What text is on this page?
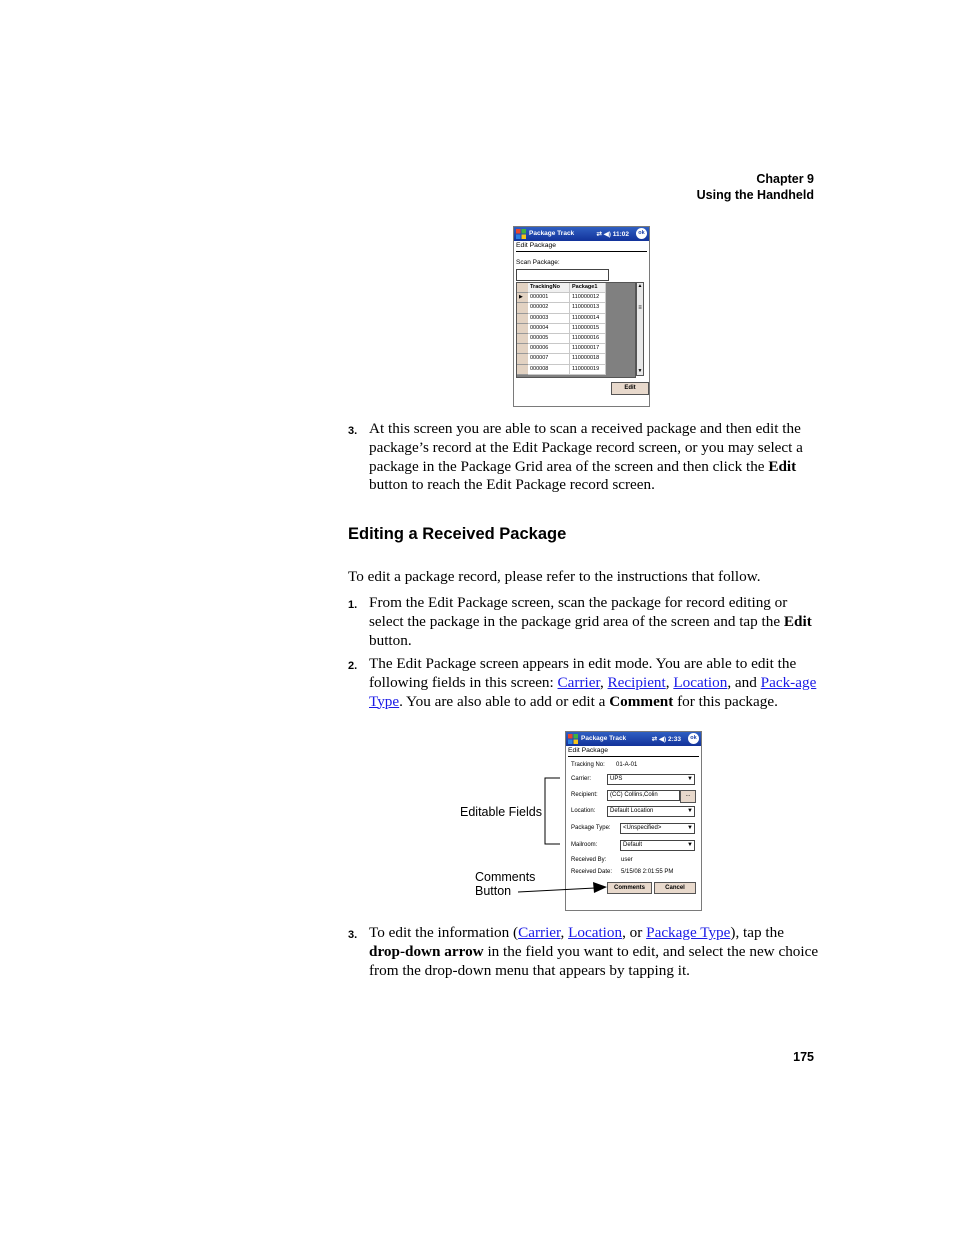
Chapter 9
Using the Handheld
Package Track	⇄ ◀) 11:02	ok
Edit Package
Scan Package:
TrackingNo	Package1
▶	000001	110000012
000002	110000013
000003	110000014
000004	110000015
000005	110000016
000006	110000017
000007	110000018
000008	110000019
▲
≡
▼
Edit
3. At this screen you are able to scan a received package and then edit the package’s record at the Edit Package record screen, or you may select a package in the Package Grid area of the screen and then click the Edit button to reach the Edit Package record screen.
Editing a Received Package
To edit a package record, please refer to the instructions that follow.
1. From the Edit Package screen, scan the package for record editing or select the package in the package grid area of the screen and tap the Edit button.
2. The Edit Package screen appears in edit mode. You are able to edit the following fields in this screen: Carrier, Recipient, Location, and Pack-age Type. You are also able to add or edit a Comment for this package.
Package Track	⇄ ◀) 2:33	ok
Edit Package
Tracking No: 01-A-01
Carrier:	UPS	▼
Recipient:	(CC) Collins,Colin	...
Location:	Default Location	▼
Package Type:	<Unspecified>	▼
Mailroom:	Default	▼
Received By: user
Received Date: 5/15/08 2:01:55 PM
Comments	Cancel
Editable Fields
Comments
Button
3. To edit the information (Carrier, Location, or Package Type), tap the drop-down arrow in the field you want to edit, and select the new choice from the drop-down menu that appears by tapping it.
175
